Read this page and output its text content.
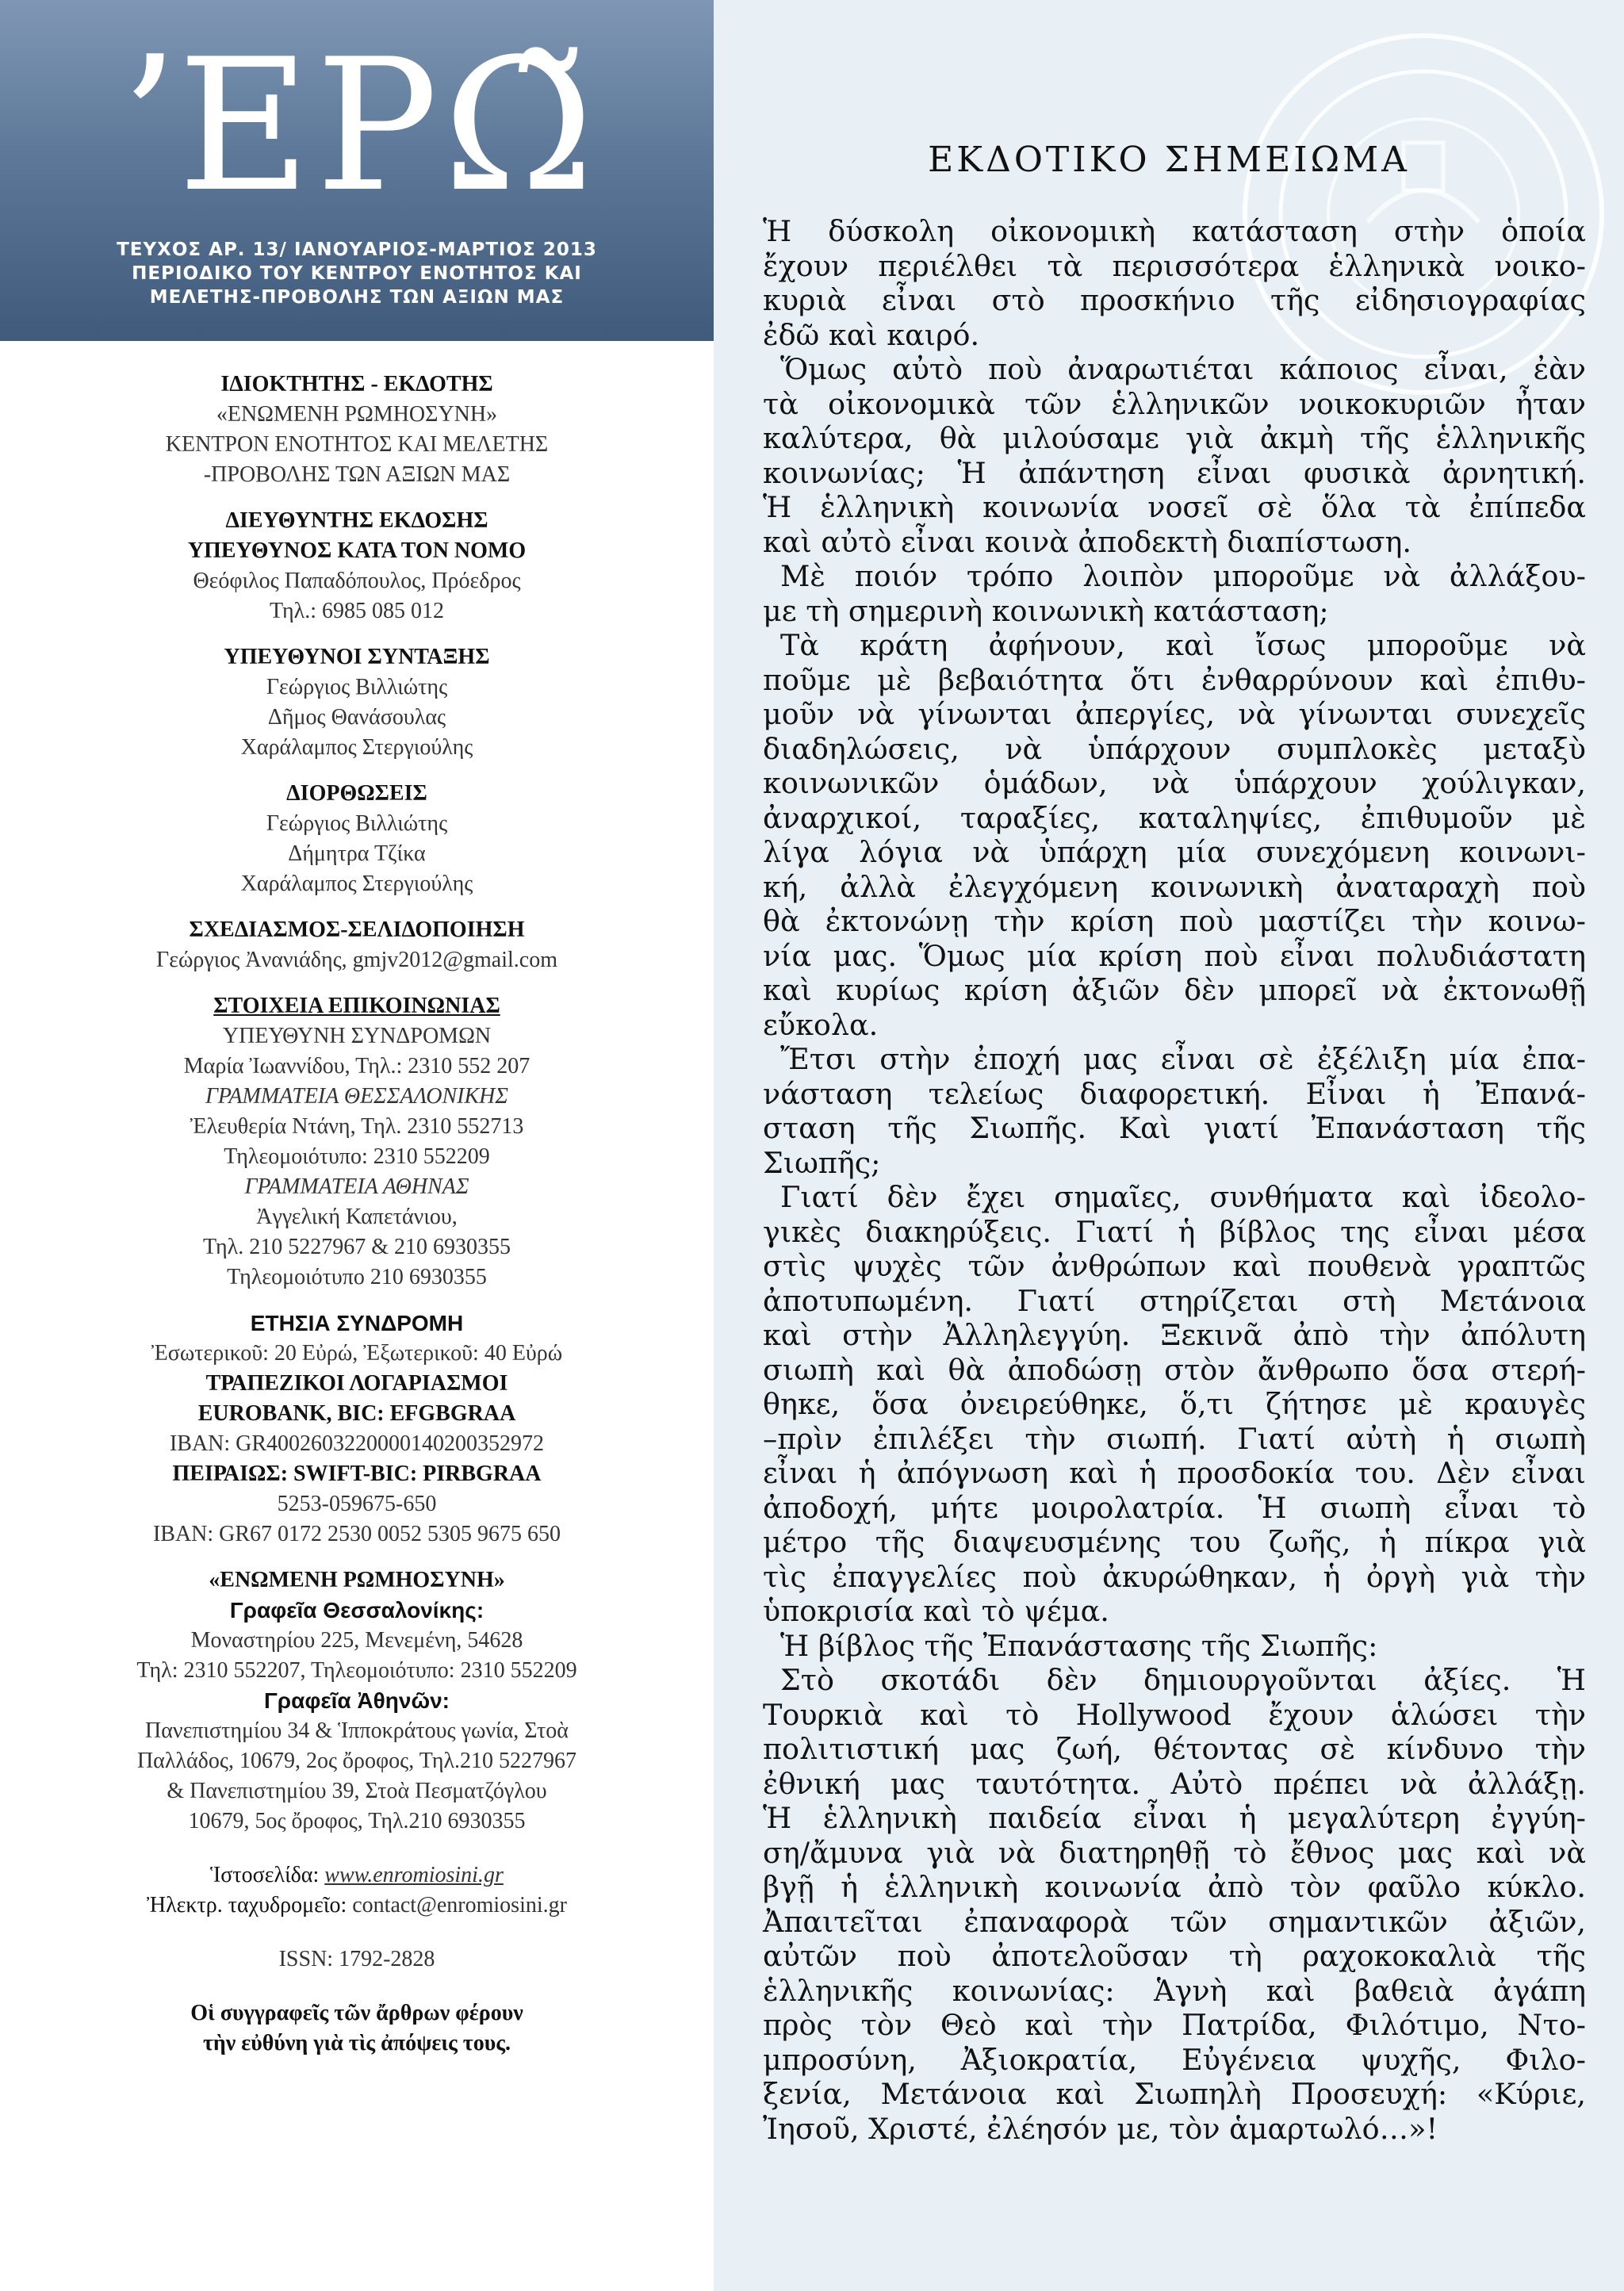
ʼΕΡΩ̃
ΤΕΥΧΟΣ ΑΡ. 13/ ΙΑΝΟΥΑΡΙΟΣ-ΜΑΡΤΙΟΣ 2013
ΠΕΡΙΟΔΙΚΟ ΤΟΥ ΚΕΝΤΡΟΥ ΕΝΟΤΗΤΟΣ ΚΑΙ
ΜΕΛΕΤΗΣ-ΠΡΟΒΟΛΗΣ ΤΩΝ ΑΞΙΩΝ ΜΑΣ
ΙΔΙΟΚΤΗΤΗΣ - ΕΚΔΟΤΗΣ
«ΕΝΩΜΕΝΗ ΡΩΜΗΟΣΥΝΗ»
ΚΕΝΤΡΟΝ ΕΝΟΤΗΤΟΣ ΚΑΙ ΜΕΛΕΤΗΣ
-ΠΡΟΒΟΛΗΣ ΤΩΝ ΑΞΙΩΝ ΜΑΣ
ΔΙΕΥΘΥΝΤΗΣ ΕΚΔΟΣΗΣ
ΥΠΕΥΘΥΝΟΣ ΚΑΤΑ ΤΟΝ ΝΟΜΟ
Θεόφιλος Παπαδόπουλος, Πρόεδρος
Τηλ.: 6985 085 012
ΥΠΕΥΘΥΝΟΙ ΣΥΝΤΑΞΗΣ
Γεώργιος Βιλλιώτης
Δῆμος Θανάσουλας
Χαράλαμπος Στεργιούλης
ΔΙΟΡΘΩΣΕΙΣ
Γεώργιος Βιλλιώτης
Δήμητρα Τζίκα
Χαράλαμπος Στεργιούλης
ΣΧΕΔΙΑΣΜΟΣ-ΣΕΛΙΔΟΠΟΙΗΣΗ
Γεώργιος Ἀνανιάδης, gmjv2012@gmail.com
ΣΤΟΙΧΕΙΑ ΕΠΙΚΟΙΝΩΝΙΑΣ
ΥΠΕΥΘΥΝΗ ΣΥΝΔΡΟΜΩΝ
Μαρία Ἰωαννίδου, Τηλ.: 2310 552 207
ΓΡΑΜΜΑΤΕΙΑ ΘΕΣΣΑΛΟΝΙΚΗΣ
Ἐλευθερία Ντάνη, Τηλ. 2310 552713
Τηλεομοιότυπο: 2310 552209
ΓΡΑΜΜΑΤΕΙΑ ΑΘΗΝΑΣ
Ἀγγελική Καπετάνιου,
Τηλ. 210 5227967 & 210 6930355
Τηλεομοιότυπο 210 6930355
ΕΤΗΣΙΑ ΣΥΝΔΡΟΜΗ
Ἐσωτερικοῦ: 20 Εὐρώ, Ἐξωτερικοῦ: 40 Εὐρώ
ΤΡΑΠΕΖΙΚΟΙ ΛΟΓΑΡΙΑΣΜΟΙ
EUROBANK, BIC: EFGBGRAA
IBAN: GR4002603220000140200352972
ΠΕΙΡΑΙΩΣ: SWIFT-BIC: PIRBGRAA
5253-059675-650
IBAN: GR67 0172 2530 0052 5305 9675 650
«ΕΝΩΜΕΝΗ ΡΩΜΗΟΣΥΝΗ»
Γραφεῖα Θεσσαλονίκης:
Μοναστηρίου 225, Μενεμένη, 54628
Τηλ: 2310 552207, Τηλεομοιότυπο: 2310 552209
Γραφεῖα Ἀθηνῶν:
Πανεπιστημίου 34 & Ἱπποκράτους γωνία, Στοὰ
Παλλάδος, 10679, 2ος ὄροφος, Τηλ.210 5227967
& Πανεπιστημίου 39, Στοὰ Πεσματζόγλου
10679, 5ος ὄροφος, Τηλ.210 6930355
Ἱστοσελίδα: www.enromiosini.gr
Ἠλεκτρ. ταχυδρομεῖο: contact@enromiosini.gr
ISSN: 1792-2828
Οἱ συγγραφεῖς τῶν ἄρθρων φέρουν
τὴν εὐθύνη γιὰ τὶς ἀπόψεις τους.
ΕΚΔΟΤΙΚΟ ΣΗΜΕΙΩΜΑ
Ἡ δύσκολη οἰκονομικὴ κατάσταση στὴν ὁποία
ἔχουν περιέλθει τὰ περισσότερα ἑλληνικὰ νοικο-
κυριὰ εἶναι στὸ προσκήνιο τῆς εἰδησιογραφίας
ἐδῶ καὶ καιρό.
Ὅμως αὐτὸ ποὺ ἀναρωτιέται κάποιος εἶναι, ἐὰν
τὰ οἰκονομικὰ τῶν ἑλληνικῶν νοικοκυριῶν ἦταν
καλύτερα, θὰ μιλούσαμε γιὰ ἀκμὴ τῆς ἑλληνικῆς
κοινωνίας; Ἡ ἀπάντηση εἶναι φυσικὰ ἀρνητική.
Ἡ ἑλληνικὴ κοινωνία νοσεῖ σὲ ὅλα τὰ ἐπίπεδα
καὶ αὐτὸ εἶναι κοινὰ ἀποδεκτὴ διαπίστωση.
Μὲ ποιόν τρόπο λοιπὸν μποροῦμε νὰ ἀλλάξου-
με τὴ σημερινὴ κοινωνικὴ κατάσταση;
Τὰ κράτη ἀφήνουν, καὶ ἴσως μποροῦμε νὰ
ποῦμε μὲ βεβαιότητα ὅτι ἐνθαρρύνουν καὶ ἐπιθυ-
μοῦν νὰ γίνωνται ἀπεργίες, νὰ γίνωνται συνεχεῖς
διαδηλώσεις, νὰ ὑπάρχουν συμπλοκὲς μεταξὺ
κοινωνικῶν ὁμάδων, νὰ ὑπάρχουν χούλιγκαν,
ἀναρχικοί, ταραξίες, καταληψίες, ἐπιθυμοῦν μὲ
λίγα λόγια νὰ ὑπάρχη μία συνεχόμενη κοινωνι-
κή, ἀλλὰ ἐλεγχόμενη κοινωνικὴ ἀναταραχὴ ποὺ
θὰ ἐκτονώνῃ τὴν κρίση ποὺ μαστίζει τὴν κοινω-
νία μας. Ὅμως μία κρίση ποὺ εἶναι πολυδιάστατη
καὶ κυρίως κρίση ἀξιῶν δὲν μπορεῖ νὰ ἐκτονωθῇ
εὔκολα.
Ἔτσι στὴν ἐποχή μας εἶναι σὲ ἐξέλιξη μία ἐπα-
νάσταση τελείως διαφορετική. Εἶναι ἡ Ἐπανά-
σταση τῆς Σιωπῆς. Καὶ γιατί Ἐπανάσταση τῆς
Σιωπῆς;
Γιατί δὲν ἔχει σημαῖες, συνθήματα καὶ ἰδεολο-
γικὲς διακηρύξεις. Γιατί ἡ βίβλος της εἶναι μέσα
στὶς ψυχὲς τῶν ἀνθρώπων καὶ πουθενὰ γραπτῶς
ἀποτυπωμένη. Γιατί στηρίζεται στὴ Μετάνοια
καὶ στὴν Ἀλληλεγγύη. Ξεκινᾶ ἀπὸ τὴν ἀπόλυτη
σιωπὴ καὶ θὰ ἀποδώσῃ στὸν ἄνθρωπο ὅσα στερή-
θηκε, ὅσα ὀνειρεύθηκε, ὅ,τι ζήτησε μὲ κραυγὲς
–πρὶν ἐπιλέξει τὴν σιωπή. Γιατί αὐτὴ ἡ σιωπὴ
εἶναι ἡ ἀπόγνωση καὶ ἡ προσδοκία του. Δὲν εἶναι
ἀποδοχή, μήτε μοιρολατρία. Ἡ σιωπὴ εἶναι τὸ
μέτρο τῆς διαψευσμένης του ζωῆς, ἡ πίκρα γιὰ
τὶς ἐπαγγελίες ποὺ ἀκυρώθηκαν, ἡ ὀργὴ γιὰ τὴν
ὑποκρισία καὶ τὸ ψέμα.
Ἡ βίβλος τῆς Ἐπανάστασης τῆς Σιωπῆς:
Στὸ σκοτάδι δὲν δημιουργοῦνται ἀξίες. Ἡ
Τουρκιὰ καὶ τὸ Hollywood ἔχουν ἁλώσει τὴν
πολιτιστική μας ζωή, θέτοντας σὲ κίνδυνο τὴν
ἐθνική μας ταυτότητα. Αὐτὸ πρέπει νὰ ἀλλάξῃ.
Ἡ ἑλληνικὴ παιδεία εἶναι ἡ μεγαλύτερη ἐγγύη-
ση/ἄμυνα γιὰ νὰ διατηρηθῇ τὸ ἔθνος μας καὶ νὰ
βγῇ ἡ ἑλληνικὴ κοινωνία ἀπὸ τὸν φαῦλο κύκλο.
Ἀπαιτεῖται ἐπαναφορὰ τῶν σημαντικῶν ἀξιῶν,
αὐτῶν ποὺ ἀποτελοῦσαν τὴ ραχοκοκαλιὰ τῆς
ἑλληνικῆς κοινωνίας: Ἁγνὴ καὶ βαθειὰ ἀγάπη
πρὸς τὸν Θεὸ καὶ τὴν Πατρίδα, Φιλότιμο, Ντο-
μπροσύνη, Ἀξιοκρατία, Εὐγένεια ψυχῆς, Φιλο-
ξενία, Μετάνοια καὶ Σιωπηλὴ Προσευχή: «Κύριε,
Ἰησοῦ, Χριστέ, ἐλέησόν με, τὸν ἁμαρτωλό…»!
